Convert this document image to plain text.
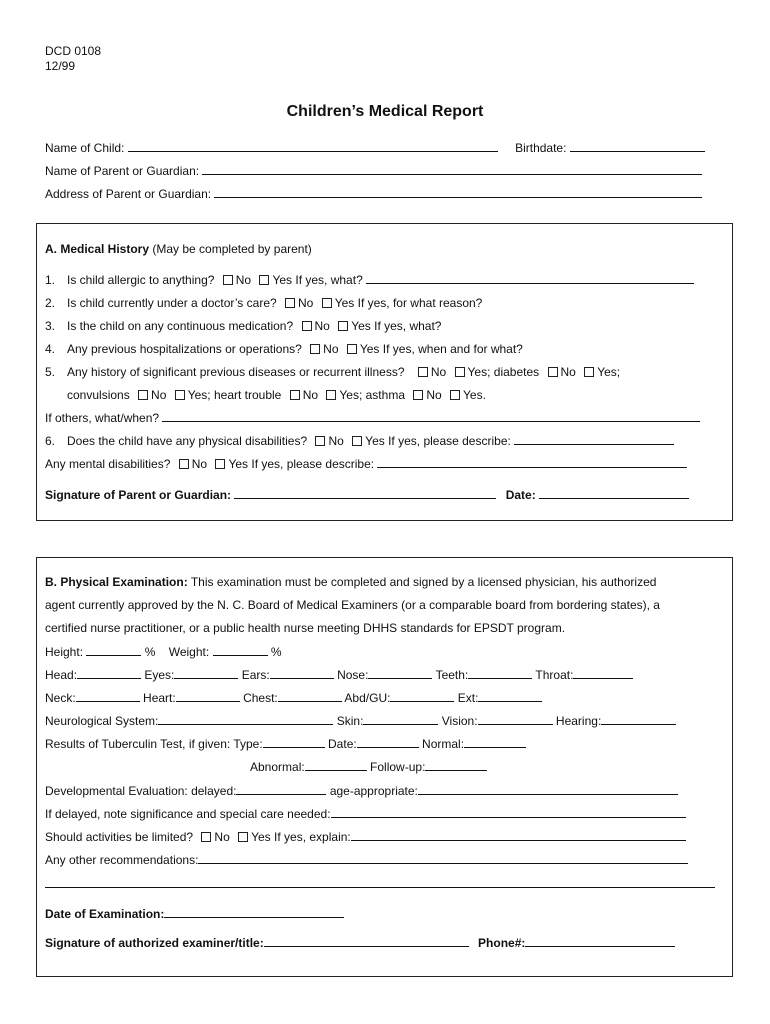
DCD 0108
12/99
Children’s Medical Report
Name of Child:	Birthdate:
Name of Parent or Guardian:
Address of Parent or Guardian:
A. Medical History (May be completed by parent)
1. Is child allergic to anything? No Yes If yes, what?
2. Is child currently under a doctor’s care? No Yes If yes, for what reason?
3. Is the child on any continuous medication? No Yes If yes, what?
4. Any previous hospitalizations or operations? No Yes If yes, when and for what?
5. Any history of significant previous diseases or recurrent illness? No Yes; diabetes No Yes;
convulsions No Yes; heart trouble No Yes; asthma No Yes.
If others, what/when?
6. Does the child have any physical disabilities? No Yes If yes, please describe:
Any mental disabilities? No Yes If yes, please describe:
Signature of Parent or Guardian:	Date:
B. Physical Examination: This examination must be completed and signed by a licensed physician, his authorized
agent currently approved by the N. C. Board of Medical Examiners (or a comparable board from bordering states), a
certified nurse practitioner, or a public health nurse meeting DHHS standards for EPSDT program.
Height:	% Weight:	%
Head:	Eyes:	Ears:	Nose:	Teeth:	Throat:
Neck:	Heart:	Chest:	Abd/GU:	Ext:
Neurological System:	Skin:	Vision:	Hearing:
Results of Tuberculin Test, if given: Type:	Date:	Normal:
Abnormal:	Follow-up:
Developmental Evaluation: delayed:	age-appropriate:
If delayed, note significance and special care needed:
Should activities be limited? No Yes If yes, explain:
Any other recommendations:
Date of Examination:
Signature of authorized examiner/title:	Phone#:
